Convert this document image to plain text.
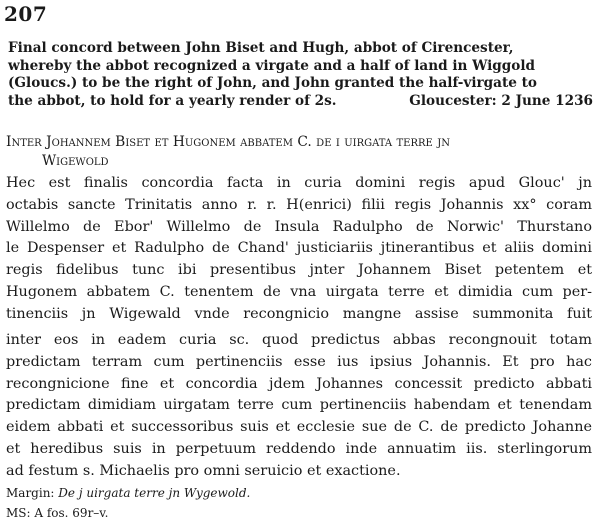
207
Final concord between John Biset and Hugh, abbot of Cirencester,
whereby the abbot recognized a virgate and a half of land in Wiggold
(Gloucs.) to be the right of John, and John granted the half-virgate to
the abbot, to hold for a yearly render of 2s.	Gloucester: 2 June 1236
Inter Johannem Biset et Hugonem abbatem C. de i uirgata terre jn
Wigewold
Hec est finalis concordia facta in curia domini regis apud Glouc' jn
octabis sancte Trinitatis anno r. r. H(enrici) filii regis Johannis xx° coram
Willelmo de Ebor' Willelmo de Insula Radulpho de Norwic' Thurstano
le Despenser et Radulpho de Chand' justiciariis jtinerantibus et aliis domini
regis fidelibus tunc ibi presentibus jnter Johannem Biset petentem et
Hugonem abbatem C. tenentem de vna uirgata terre et dimidia cum per-
tinenciis jn Wigewald vnde recongnicio mangne assise summonita fuit
inter eos in eadem curia sc. quod predictus abbas recongnouit totam
predictam terram cum pertinenciis esse ius ipsius Johannis. Et pro hac
recongnicione fine et concordia jdem Johannes concessit predicto abbati
predictam dimidiam uirgatam terre cum pertinenciis habendam et tenendam
eidem abbati et successoribus suis et ecclesie sue de C. de predicto Johanne
et heredibus suis in perpetuum reddendo inde annuatim iis. sterlingorum
ad festum s. Michaelis pro omni seruicio et exactione.
Margin: De j uirgata terre jn Wygewold.
MS: A fos. 69r–v.
